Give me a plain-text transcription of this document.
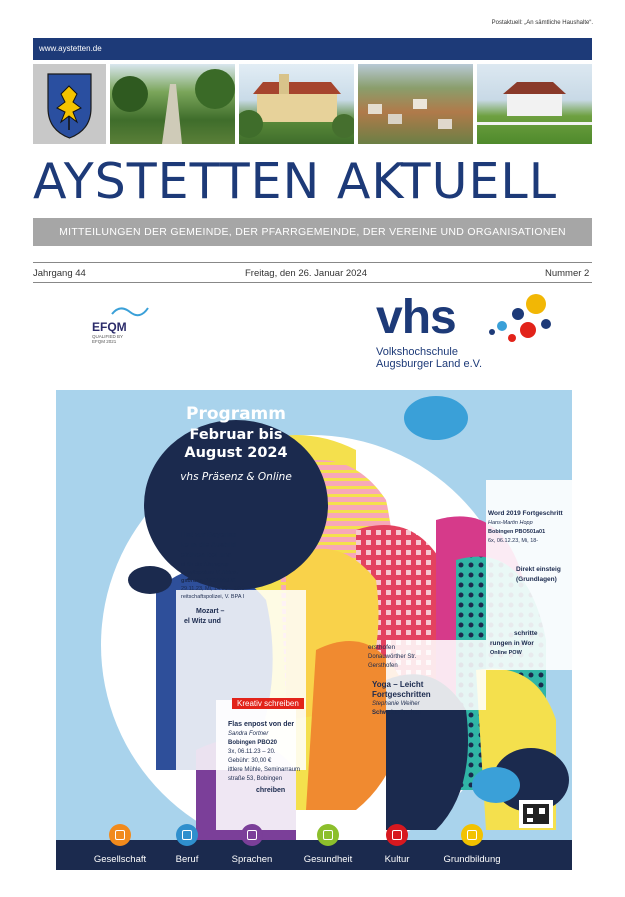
Postaktuell: „An sämtliche Haushalte“.
www.aystetten.de
AYSTETTEN AKTUELL
MITTEILUNGEN DER GEMEINDE, DER PFARRGEMEINDE, DER VEREINE UND ORGANISATIONEN
Jahrgang 44	Freitag, den 26. Januar 2024	Nummer 2
EFQM
QUALIFIED BY
EFQM 2021	vhs
Volkshochschule
Augsburger Land e.V.
Programm
Februar bis
August 2024
vhs Präsenz & Online
illst zur Bayerisc
ke in die Ausbild
ektiven bei uns
et für die Altersgrup
schaftspolizei V. Abteilu
gsbrunn PKO1005B2
29.11.23, Mi, 14:30 – 16:0
reitschaftspolizei, V. BPA I
Mozart –
el Witz und
Kreativ schreiben
Flas enpost von der
Sandra Fortner
Bobingen PBO20
3x, 06.11.23 – 20.
Gebühr: 30,00 €
ittlere Mühle, Seminarraum
straße 53, Bobingen
chreiben
ersthofen
Donauwörther Str.
Gersthofen
Yoga – Leicht
Fortgeschritten
Stephanie Weiher
Schwabmünchen
Word 2019 Fortgeschritt
Hans-Martin Hopp
Bobingen PBO501a01
6x, 06.12.23, Mi, 18-
Direkt einsteig
(Grundlagen)
schritte
rungen in Wor
Online POW
Gesellschaft	Beruf	Sprachen	Gesundheit	Kultur	Grundbildung
